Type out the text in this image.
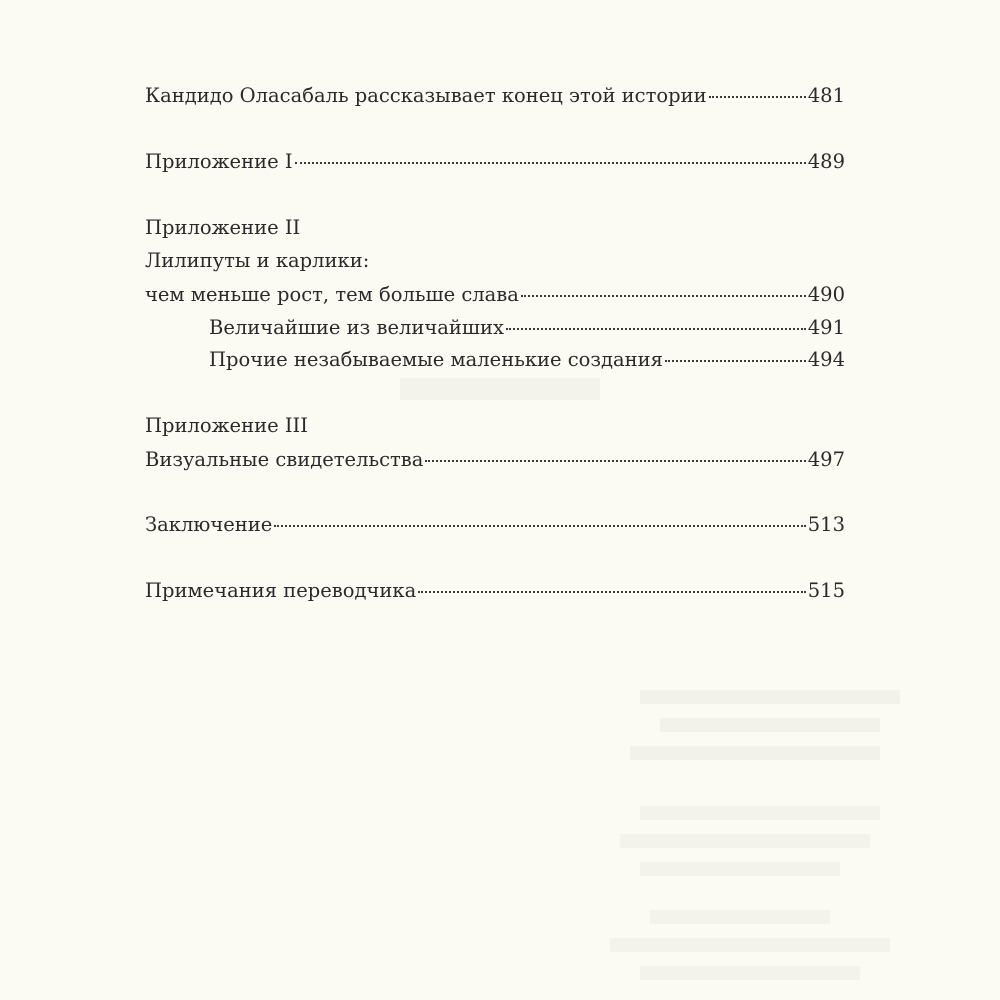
Кандидо Оласабаль рассказывает конец этой истории	481
Приложение I	489
Приложение II
Лилипуты и карлики:
чем меньше рост, тем больше слава	490
Величайшие из величайших	491
Прочие незабываемые маленькие создания	494
Приложение III
Визуальные свидетельства	497
Заключение	513
Примечания переводчика	515
